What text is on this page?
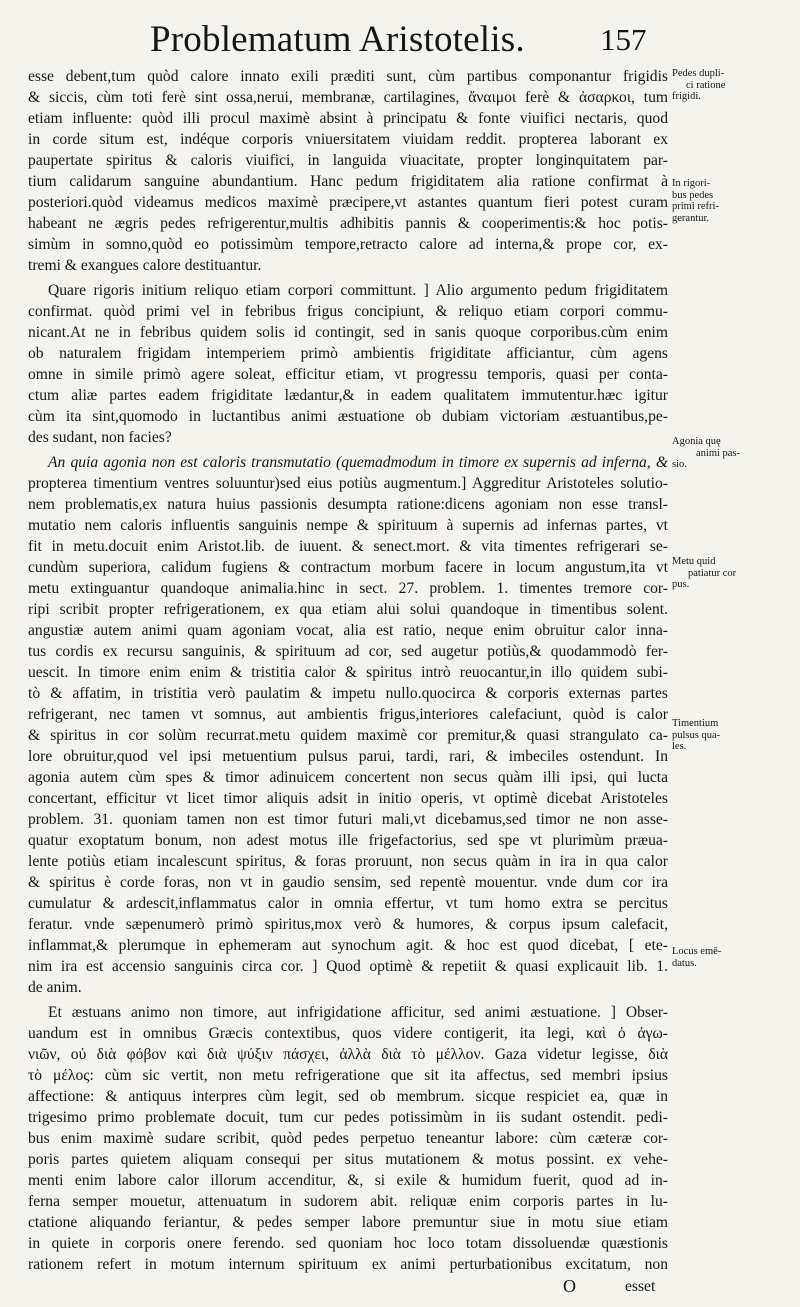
Problematum Aristotelis.	157
esse debent,tum quòd calore innato exili præditi sunt, cùm partibus componantur frigidis
& siccis, cùm toti ferè sint ossa,nerui, membranæ, cartilagines, ἄναιμοι ferè & ἀσαρκοι, tum
etiam influente: quòd illi procul maximè absint à principatu & fonte viuifici nectaris, quod
in corde situm est, indéque corporis vniuersitatem viuidam reddit. propterea laborant ex
paupertate spiritus & caloris viuifici, in languida viuacitate, propter longinquitatem par-
tium calidarum sanguine abundantium. Hanc pedum frigiditatem alia ratione confirmat à
posteriori.quòd videamus medicos maximè præcipere,vt astantes quantum fieri potest curam
habeant ne ægris pedes refrigerentur,multis adhibitis pannis & cooperimentis:& hoc potis-
simùm in somno,quòd eo potissimùm tempore,retracto calore ad interna,& prope cor, ex-
tremi & exangues calore destituantur.
Quare rigoris initium reliquo etiam corpori committunt. ] Alio argumento pedum frigiditatem
confirmat. quòd primi vel in febribus frigus concipiunt, & reliquo etiam corpori commu-
nicant.At ne in febribus quidem solis id contingit, sed in sanis quoque corporibus.cùm enim
ob naturalem frigidam intemperiem primò ambientis frigiditate afficiantur, cùm agens
omne in simile primò agere soleat, efficitur etiam, vt progressu temporis, quasi per conta-
ctum aliæ partes eadem frigiditate lædantur,& in eadem qualitatem immutentur.hæc igitur
cùm ita sint,quomodo in luctantibus animi æstuatione ob dubiam victoriam æstuantibus,pe-
des sudant, non facies?
An quia agonia non est caloris transmutatio (quemadmodum in timore ex supernis ad inferna, &
propterea timentium ventres soluuntur)sed eius potiùs augmentum.] Aggreditur Aristoteles solutio-
nem problematis,ex natura huius passionis desumpta ratione:dicens agoniam non esse transl-
mutatio nem caloris influentis sanguinis nempe & spirituum à supernis ad infernas partes, vt
fit in metu.docuit enim Aristot.lib. de iuuent. & senect.mort. & vita timentes refrigerari se-
cundùm superiora, calidum fugiens & contractum morbum facere in locum angustum,ita vt
metu extinguantur quandoque animalia.hinc in sect. 27. problem. 1. timentes tremore cor-
ripi scribit propter refrigerationem, ex qua etiam alui solui quandoque in timentibus solent.
angustiæ autem animi quam agoniam vocat, alia est ratio, neque enim obruitur calor inna-
tus cordis ex recursu sanguinis, & spirituum ad cor, sed augetur potiùs,& quodammodò fer-
uescit. In timore enim enim & tristitia calor & spiritus intrò reuocantur,in illo quidem subi-
tò & affatim, in tristitia verò paulatim & impetu nullo.quocirca & corporis externas partes
refrigerant, nec tamen vt somnus, aut ambientis frigus,interiores calefaciunt, quòd is calor
& spiritus in cor solùm recurrat.metu quidem maximè cor premitur,& quasi strangulato ca-
lore obruitur,quod vel ipsi metuentium pulsus parui, tardi, rari, & imbeciles ostendunt. In
agonia autem cùm spes & timor adinuicem concertent non secus quàm illi ipsi, qui lucta
concertant, efficitur vt licet timor aliquis adsit in initio operis, vt optimè dicebat Aristoteles
problem. 31. quoniam tamen non est timor futuri mali,vt dicebamus,sed timor ne non asse-
quatur exoptatum bonum, non adest motus ille frigefactorius, sed spe vt plurimùm præua-
lente potiùs etiam incalescunt spiritus, & foras proruunt, non secus quàm in ira in qua calor
& spiritus è corde foras, non vt in gaudio sensim, sed repentè mouentur. vnde dum cor ira
cumulatur & ardescit,inflammatus calor in omnia effertur, vt tum homo extra se percitus
feratur. vnde sæpenumerò primò spiritus,mox verò & humores, & corpus ipsum calefacit,
inflammat,& plerumque in ephemeram aut synochum agit. & hoc est quod dicebat, [ ete-
nim ira est accensio sanguinis circa cor. ] Quod optimè & repetiit & quasi explicauit lib. 1.
de anim.
Et æstuans animo non timore, aut infrigidatione afficitur, sed animi æstuatione. ] Obser-
uandum est in omnibus Græcis contextibus, quos videre contigerit, ita legi, καὶ ὁ ἀγω-
νιῶν, οὐ διὰ φόβον καὶ διὰ ψύξιν πάσχει, ἀλλὰ διὰ τὸ μέλλον. Gaza videtur legisse, διὰ
τὸ μέλος: cùm sic vertit, non metu refrigeratione que sit ita affectus, sed membri ipsius
affectione: & antiquus interpres cùm legit, sed ob membrum. sicque respiciet ea, quæ in
trigesimo primo problemate docuit, tum cur pedes potissimùm in iis sudant ostendit. pedi-
bus enim maximè sudare scribit, quòd pedes perpetuo teneantur labore: cùm cæteræ cor-
poris partes quietem aliquam consequi per situs mutationem & motus possint. ex vehe-
menti enim labore calor illorum accenditur, &, si exile & humidum fuerit, quod ad in-
ferna semper mouetur, attenuatum in sudorem abit. reliquæ enim corporis partes in lu-
ctatione aliquando feriantur, & pedes semper labore premuntur siue in motu siue etiam
in quiete in corporis onere ferendo. sed quoniam hoc loco totam dissoluendæ quæstionis
rationem refert in motum internum spirituum ex animi perturbationibus excitatum, non
O	esset
Pedes dupli-
ci ratione
frigidi.
In rigori-
bus pedes
primi refri-
gerantur.
Agonia quę
animi pas-
sio.
Metu quid
patiatur cor
pus.
Timentium
pulsus qua-
les.
Locus emē-
datus.
